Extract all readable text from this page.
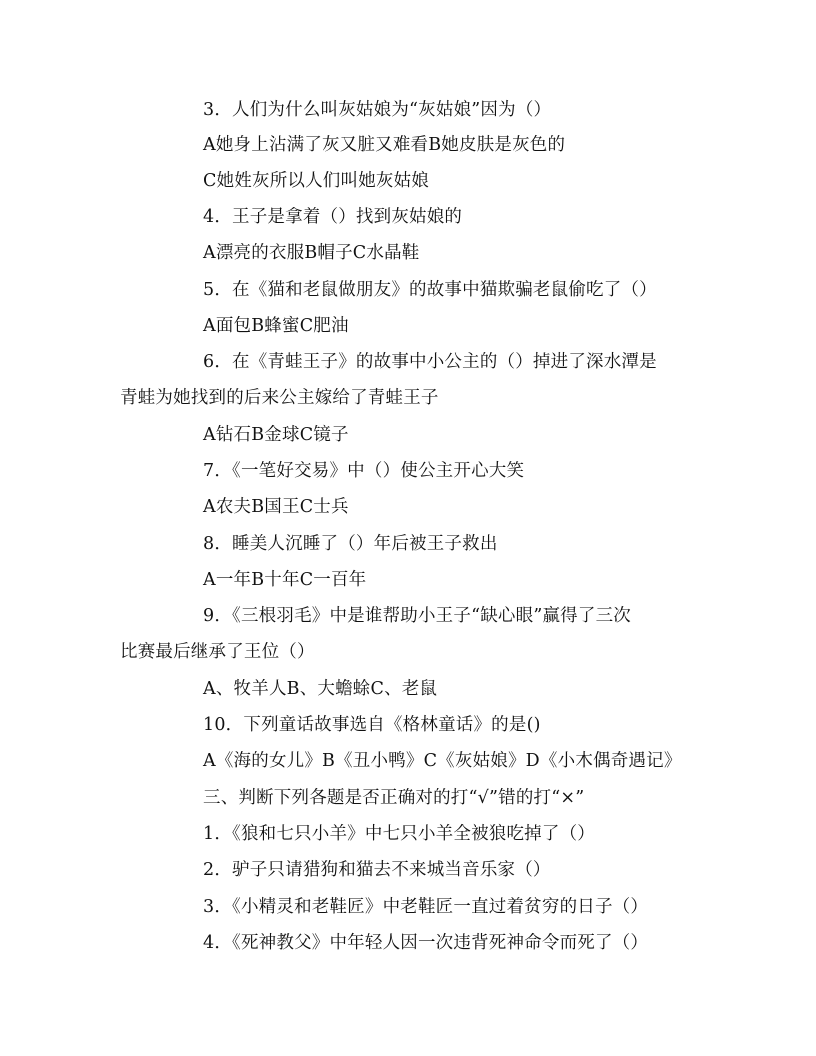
3．人们为什么叫灰姑娘为“灰姑娘”因为（）
A她身上沾满了灰又脏又难看B她皮肤是灰色的
C她姓灰所以人们叫她灰姑娘
4．王子是拿着（）找到灰姑娘的
A漂亮的衣服B帽子C水晶鞋
5．在《猫和老鼠做朋友》的故事中猫欺骗老鼠偷吃了（）
A面包B蜂蜜C肥油
6．在《青蛙王子》的故事中小公主的（）掉进了深水潭是
青蛙为她找到的后来公主嫁给了青蛙王子
A钻石B金球C镜子
7．《一笔好交易》中（）使公主开心大笑
A农夫B国王C士兵
8．睡美人沉睡了（）年后被王子救出
A一年B十年C一百年
9．《三根羽毛》中是谁帮助小王子“缺心眼”赢得了三次
比赛最后继承了王位（）
A、牧羊人B、大蟾蜍C、老鼠
10．下列童话故事选自《格林童话》的是()
A《海的女儿》B《丑小鸭》C《灰姑娘》D《小木偶奇遇记》
三、判断下列各题是否正确对的打“√”错的打“×”
1．《狼和七只小羊》中七只小羊全被狼吃掉了（）
2．驴子只请猎狗和猫去不来城当音乐家（）
3．《小精灵和老鞋匠》中老鞋匠一直过着贫穷的日子（）
4．《死神教父》中年轻人因一次违背死神命令而死了（）
